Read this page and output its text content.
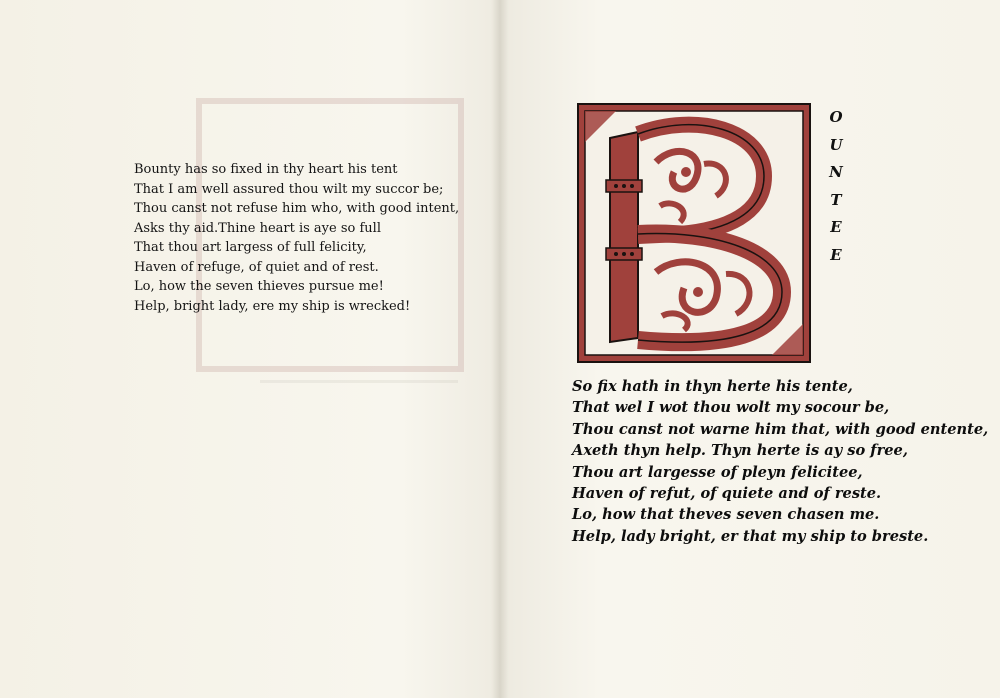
Bounty has so fixed in thy heart his tent
That I am well assured thou wilt my succor be;
Thou canst not refuse him who, with good intent,
Asks thy aid.Thine heart is aye so full
That thou art largess of full felicity,
Haven of refuge, of quiet and of rest.
Lo, how the seven thieves pursue me!
Help, bright lady, ere my ship is wrecked!
O
U
N
T
E
E
So fix hath in thyn herte his tente,
That wel I wot thou wolt my socour be,
Thou canst not warne him that, with good entente,
Axeth thyn help. Thyn herte is ay so free,
Thou art largesse of pleyn felicitee,
Haven of refut, of quiete and of reste.
Lo, how that theves seven chasen me.
Help, lady bright, er that my ship to breste.
